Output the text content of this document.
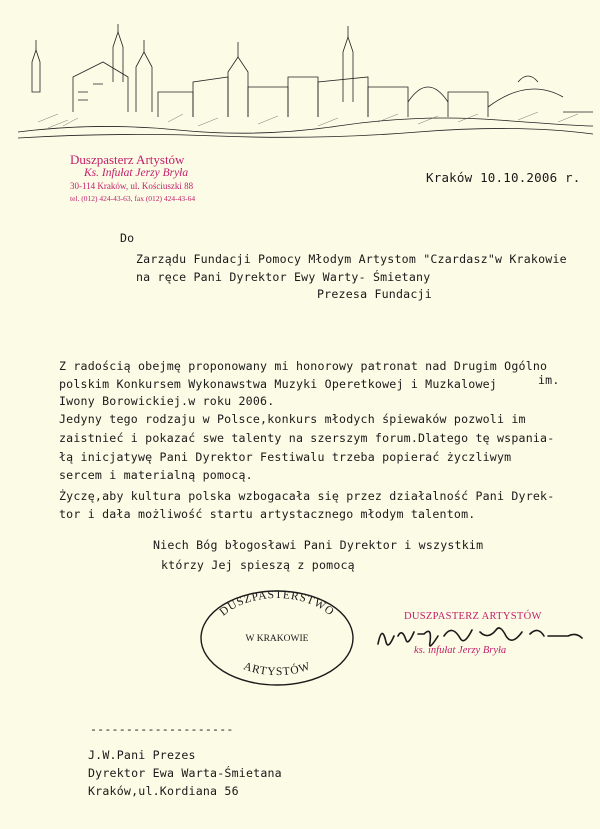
Duszpasterz Artystów
Ks. Infułat Jerzy Bryła
30-114 Kraków, ul. Kościuszki 88
tel. (012) 424-43-63, fax (012) 424-43-64
Kraków 10.10.2006 r.
Do
Zarządu Fundacji Pomocy Młodym Artystom "Czardasz"w Krakowie
na ręce Pani Dyrektor Ewy Warty- Śmietany
Prezesa Fundacji
Z radością obejmę proponowany mi honorowy patronat nad Drugim Ogólno
polskim Konkursem Wykonawstwa Muzyki Operetkowej i Muzkalowej	im.
Iwony Borowickiej.w roku 2006.
Jedyny tego rodzaju w Polsce,konkurs młodych śpiewaków pozwoli im
zaistnieć i pokazać swe talenty na szerszym forum.Dlatego tę wspania-
łą inicjatywę Pani Dyrektor Festiwalu trzeba popierać życzliwym
sercem i materialną pomocą.
Życzę,aby kultura polska wzbogacała się przez działalność Pani Dyrek-
tor i dała możliwość startu artystacznego młodym talentom.
Niech Bóg błogosławi Pani Dyrektor i wszystkim
którzy Jej spieszą z pomocą
DUSZPASTERSTWO
W KRAKOWIE
ARTYSTÓW
DUSZPASTERZ ARTYSTÓW
ks. infułat Jerzy Bryła
--------------------
J.W.Pani Prezes
Dyrektor Ewa Warta-Śmietana
Kraków,ul.Kordiana 56
